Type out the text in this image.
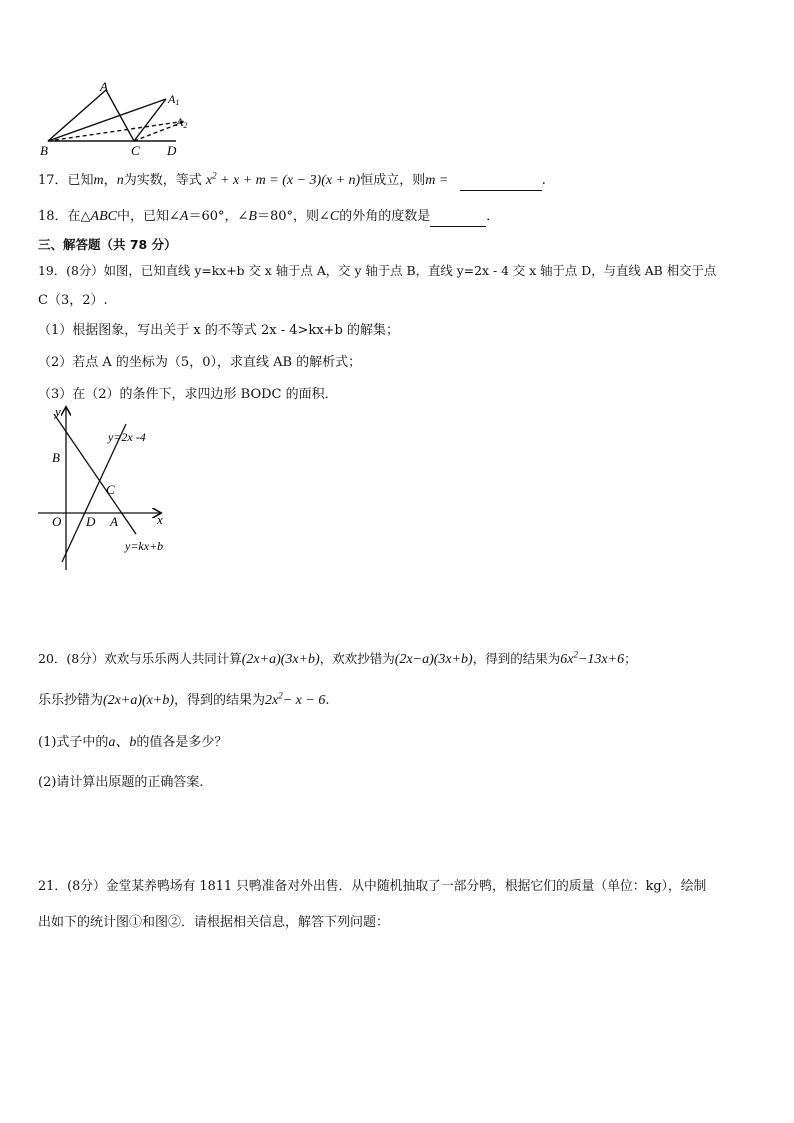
A
A1
A2
B	C D
17．已知m，n为实数，等式 $x^2 + x + m = (x - 3)(x + n)$恒成立，则m =	.
18．在△ABC中，已知∠A＝60°，∠B＝80°，则∠C的外角的度数是	．
三、解答题（共 78 分）
19．(8分）如图，已知直线 y=kx+b 交 x 轴于点 A，交 y 轴于点 B，直线 y=2x - 4 交 x 轴于点 D，与直线 AB 相交于点
C（3，2）.
（1）根据图象，写出关于 x 的不等式 2x - 4>kx+b 的解集；
（2）若点 A 的坐标为（5，0），求直线 AB 的解析式；
（3）在（2）的条件下，求四边形 BODC 的面积．
y
x
O
B
C
D A
y=2x -4
y=kx+b
20．(8分）欢欢与乐乐两人共同计算(2x+a)(3x+b)，欢欢抄错为(2x−a)(3x+b)，得到的结果为$6x^2-13x+6$；
乐乐抄错为(2x+a)(x+b)，得到的结果为$2x^2- x - 6$.
(1)式子中的a、b的值各是多少？
(2)请计算出原题的正确答案.
21．(8分）金堂某养鸭场有 1811 只鸭准备对外出售．从中随机抽取了一部分鸭，根据它们的质量（单位：kg），绘制
出如下的统计图①和图②．请根据相关信息，解答下列问题：
